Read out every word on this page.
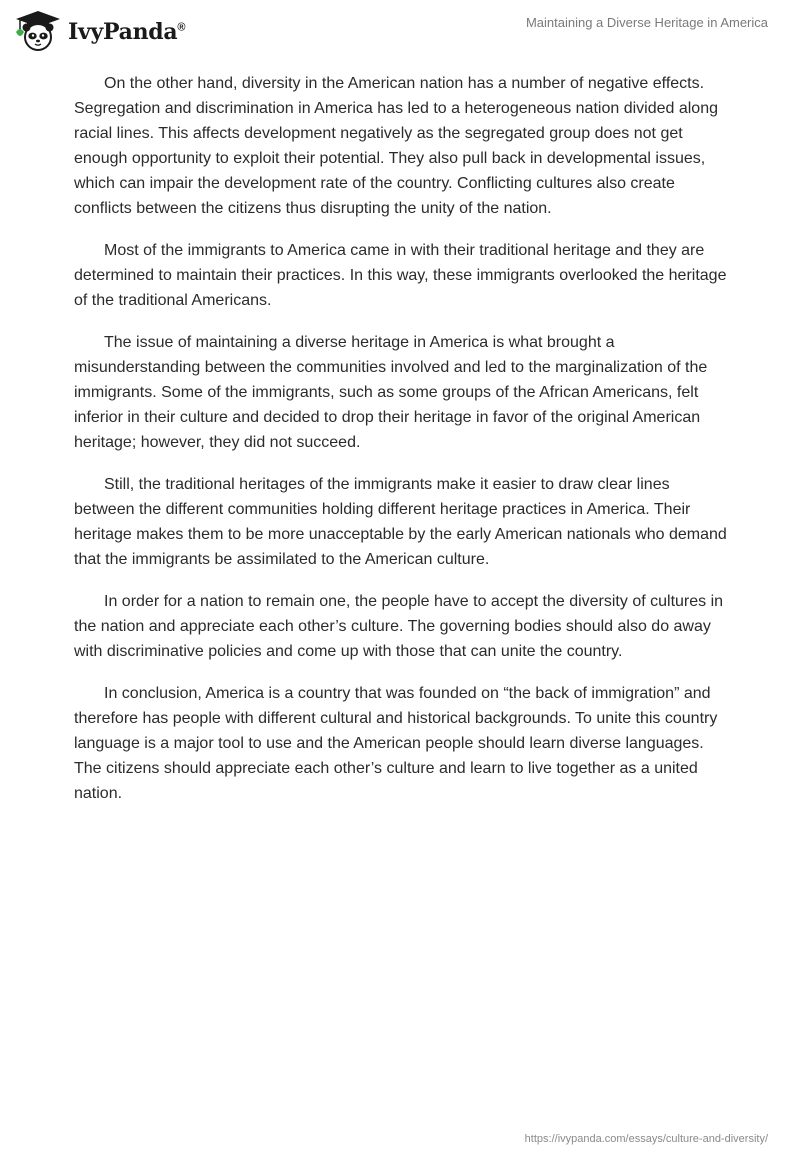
IvyPanda®	Maintaining a Diverse Heritage in America

On the other hand, diversity in the American nation has a number of negative effects. Segregation and discrimination in America has led to a heterogeneous nation divided along racial lines. This affects development negatively as the segregated group does not get enough opportunity to exploit their potential. They also pull back in developmental issues, which can impair the development rate of the country. Conflicting cultures also create conflicts between the citizens thus disrupting the unity of the nation.

Most of the immigrants to America came in with their traditional heritage and they are determined to maintain their practices. In this way, these immigrants overlooked the heritage of the traditional Americans.

The issue of maintaining a diverse heritage in America is what brought a misunderstanding between the communities involved and led to the marginalization of the immigrants. Some of the immigrants, such as some groups of the African Americans, felt inferior in their culture and decided to drop their heritage in favor of the original American heritage; however, they did not succeed.

Still, the traditional heritages of the immigrants make it easier to draw clear lines between the different communities holding different heritage practices in America. Their heritage makes them to be more unacceptable by the early American nationals who demand that the immigrants be assimilated to the American culture.

In order for a nation to remain one, the people have to accept the diversity of cultures in the nation and appreciate each other’s culture. The governing bodies should also do away with discriminative policies and come up with those that can unite the country.

In conclusion, America is a country that was founded on “the back of immigration” and therefore has people with different cultural and historical backgrounds. To unite this country language is a major tool to use and the American people should learn diverse languages. The citizens should appreciate each other’s culture and learn to live together as a united nation.

https://ivypanda.com/essays/culture-and-diversity/
